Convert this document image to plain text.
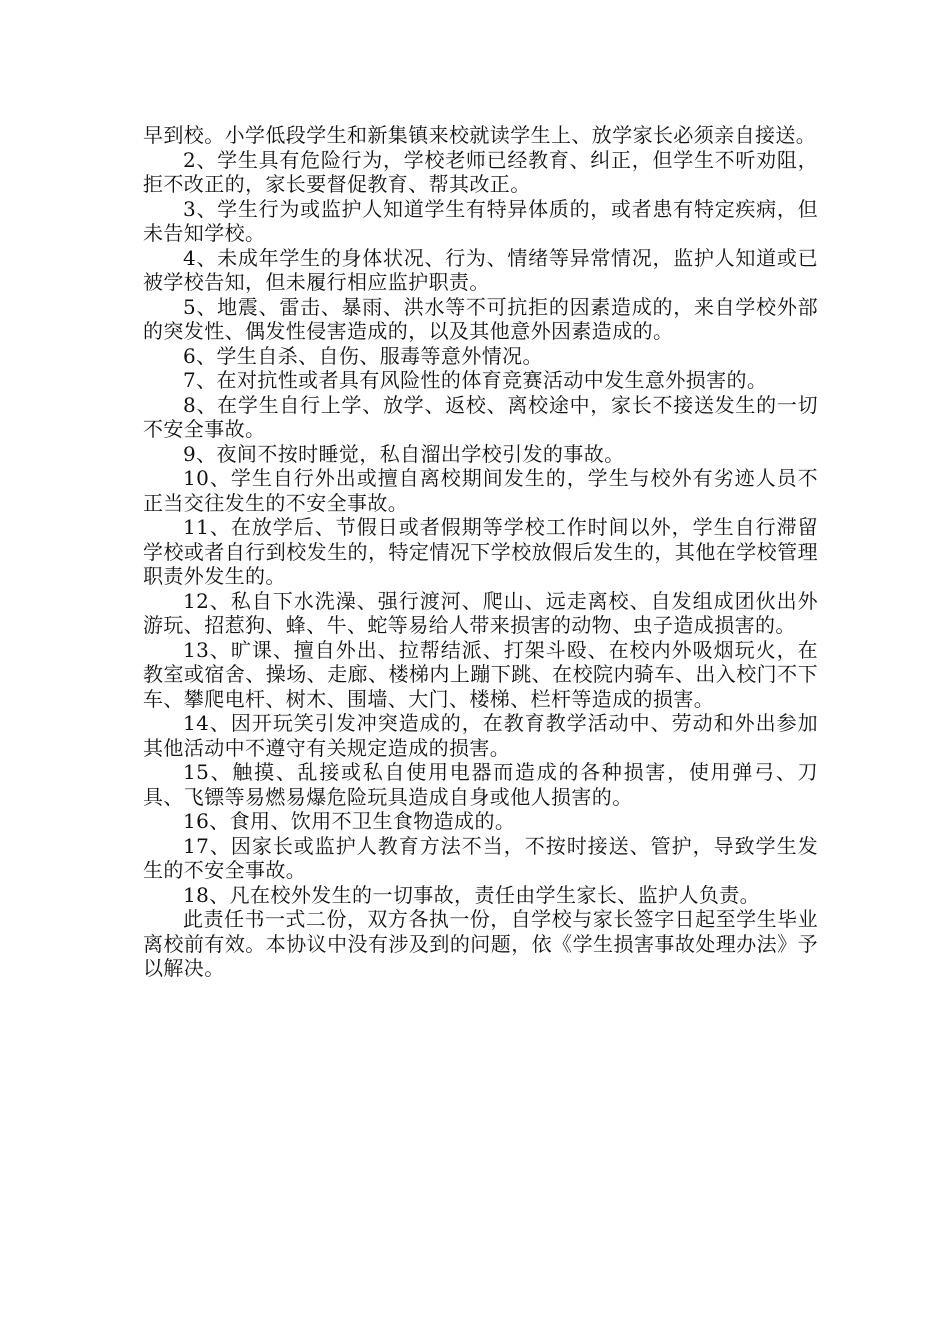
早到校。小学低段学生和新集镇来校就读学生上、放学家长必须亲自接送。

2、学生具有危险行为，学校老师已经教育、纠正，但学生不听劝阻，拒不改正的，家长要督促教育、帮其改正。

3、学生行为或监护人知道学生有特异体质的，或者患有特定疾病，但未告知学校。

4、未成年学生的身体状况、行为、情绪等异常情况，监护人知道或已被学校告知，但未履行相应监护职责。

5、地震、雷击、暴雨、洪水等不可抗拒的因素造成的，来自学校外部的突发性、偶发性侵害造成的，以及其他意外因素造成的。

6、学生自杀、自伤、服毒等意外情况。

7、在对抗性或者具有风险性的体育竞赛活动中发生意外损害的。

8、在学生自行上学、放学、返校、离校途中，家长不接送发生的一切不安全事故。

9、夜间不按时睡觉，私自溜出学校引发的事故。

10、学生自行外出或擅自离校期间发生的，学生与校外有劣迹人员不正当交往发生的不安全事故。

11、在放学后、节假日或者假期等学校工作时间以外，学生自行滞留学校或者自行到校发生的，特定情况下学校放假后发生的，其他在学校管理职责外发生的。

12、私自下水洗澡、强行渡河、爬山、远走离校、自发组成团伙出外游玩、招惹狗、蜂、牛、蛇等易给人带来损害的动物、虫子造成损害的。

13、旷课、擅自外出、拉帮结派、打架斗殴、在校内外吸烟玩火，在教室或宿舍、操场、走廊、楼梯内上蹦下跳、在校院内骑车、出入校门不下车、攀爬电杆、树木、围墙、大门、楼梯、栏杆等造成的损害。

14、因开玩笑引发冲突造成的，在教育教学活动中、劳动和外出参加其他活动中不遵守有关规定造成的损害。

15、触摸、乱接或私自使用电器而造成的各种损害，使用弹弓、刀具、飞镖等易燃易爆危险玩具造成自身或他人损害的。

16、食用、饮用不卫生食物造成的。

17、因家长或监护人教育方法不当，不按时接送、管护，导致学生发生的不安全事故。

18、凡在校外发生的一切事故，责任由学生家长、监护人负责。

此责任书一式二份，双方各执一份，自学校与家长签字日起至学生毕业离校前有效。本协议中没有涉及到的问题，依《学生损害事故处理办法》予以解决。
